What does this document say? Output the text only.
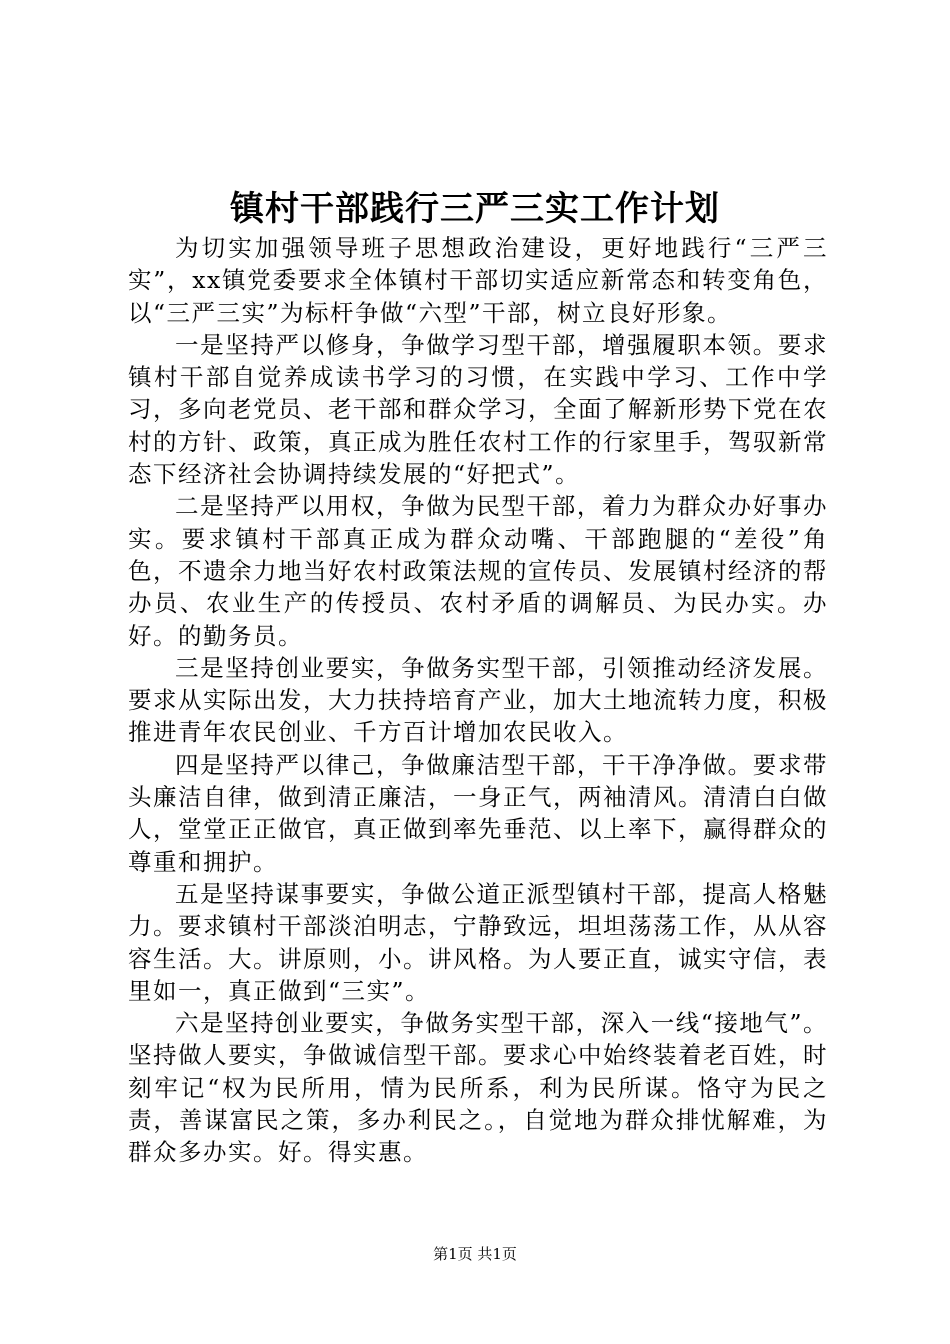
镇村干部践行三严三实工作计划

为切实加强领导班子思想政治建设，更好地践行“三严三实”，xx镇党委要求全体镇村干部切实适应新常态和转变角色，以“三严三实”为标杆争做“六型”干部，树立良好形象。

一是坚持严以修身，争做学习型干部，增强履职本领。要求镇村干部自觉养成读书学习的习惯，在实践中学习、工作中学习，多向老党员、老干部和群众学习，全面了解新形势下党在农村的方针、政策，真正成为胜任农村工作的行家里手，驾驭新常态下经济社会协调持续发展的“好把式”。

二是坚持严以用权，争做为民型干部，着力为群众办好事办实。要求镇村干部真正成为群众动嘴、干部跑腿的“差役”角色，不遗余力地当好农村政策法规的宣传员、发展镇村经济的帮办员、农业生产的传授员、农村矛盾的调解员、为民办实。办好。的勤务员。

三是坚持创业要实，争做务实型干部，引领推动经济发展。要求从实际出发，大力扶持培育产业，加大土地流转力度，积极推进青年农民创业、千方百计增加农民收入。

四是坚持严以律己，争做廉洁型干部，干干净净做。要求带头廉洁自律，做到清正廉洁，一身正气，两袖清风。清清白白做人，堂堂正正做官，真正做到率先垂范、以上率下，赢得群众的尊重和拥护。

五是坚持谋事要实，争做公道正派型镇村干部，提高人格魅力。要求镇村干部淡泊明志，宁静致远，坦坦荡荡工作，从从容容生活。大。讲原则，小。讲风格。为人要正直，诚实守信，表里如一，真正做到“三实”。

六是坚持创业要实，争做务实型干部，深入一线“接地气”。坚持做人要实，争做诚信型干部。要求心中始终装着老百姓，时刻牢记“权为民所用，情为民所系，利为民所谋。恪守为民之责，善谋富民之策，多办利民之。，自觉地为群众排忧解难，为群众多办实。好。得实惠。

第1页 共1页
